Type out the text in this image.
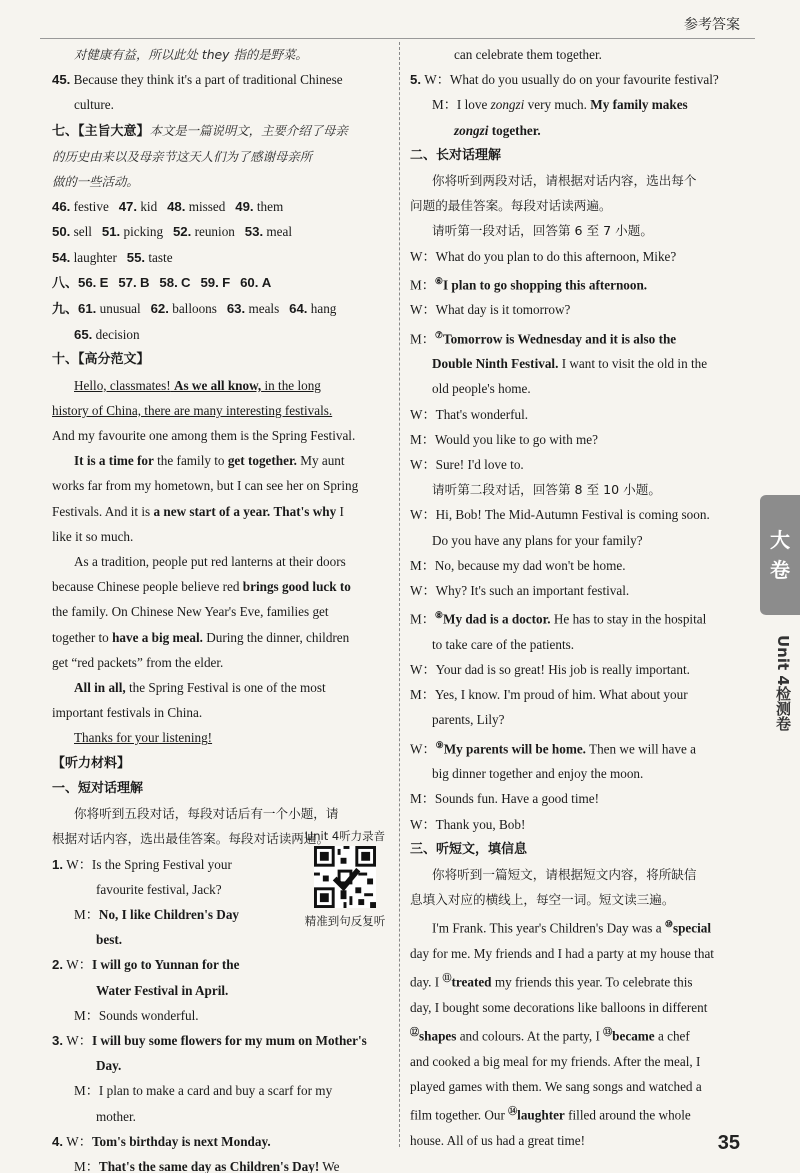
参考答案
对健康有益，所以此处 they 指的是野菜。
45. Because they think it's a part of traditional Chinese
culture.
七、【主旨大意】本文是一篇说明文，主要介绍了母亲
的历史由来以及母亲节这天人们为了感谢母亲所
做的一些活动。
46. festive 47. kid 48. missed 49. them
50. sell 51. picking 52. reunion 53. meal
54. laughter 55. taste
八、56. E 57. B 58. C 59. F 60. A
九、61. unusual 62. balloons 63. meals 64. hang
65. decision
十、【高分范文】
Hello, classmates! As we all know, in the long
history of China, there are many interesting festivals.
And my favourite one among them is the Spring Festival.
It is a time for the family to get together. My aunt
works far from my hometown, but I can see her on Spring
Festivals. And it is a new start of a year. That's why I
like it so much.
As a tradition, people put red lanterns at their doors
because Chinese people believe red brings good luck to
the family. On Chinese New Year's Eve, families get
together to have a big meal. During the dinner, children
get “red packets” from the elder.
All in all, the Spring Festival is one of the most
important festivals in China.
Thanks for your listening!
【听力材料】
一、短对话理解
你将听到五段对话，每段对话后有一个小题，请
根据对话内容，选出最佳答案。每段对话读两遍。
1. W：Is the Spring Festival your
favourite festival, Jack?
M：No, I like Children's Day
best.
2. W：I will go to Yunnan for the
Water Festival in April.
M：Sounds wonderful.
3. W：I will buy some flowers for my mum on Mother's
Day.
M：I plan to make a card and buy a scarf for my
mother.
4. W：Tom's birthday is next Monday.
M：That's the same day as Children's Day! We
Unit 4听力录音
精准到句反复听
can celebrate them together.
5. W：What do you usually do on your favourite festival?
M：I love zongzi very much. My family makes
zongzi together.
二、长对话理解
你将听到两段对话，请根据对话内容，选出每个
问题的最佳答案。每段对话读两遍。
请听第一段对话，回答第 6 至 7 小题。
W：What do you plan to do this afternoon, Mike?
M：⑥I plan to go shopping this afternoon.
W：What day is it tomorrow?
M：⑦Tomorrow is Wednesday and it is also the
Double Ninth Festival. I want to visit the old in the
old people's home.
W：That's wonderful.
M：Would you like to go with me?
W：Sure! I'd love to.
请听第二段对话，回答第 8 至 10 小题。
W：Hi, Bob! The Mid-Autumn Festival is coming soon.
Do you have any plans for your family?
M：No, because my dad won't be home.
W：Why? It's such an important festival.
M：⑧My dad is a doctor. He has to stay in the hospital
to take care of the patients.
W：Your dad is so great! His job is really important.
M：Yes, I know. I'm proud of him. What about your
parents, Lily?
W：⑨My parents will be home. Then we will have a
big dinner together and enjoy the moon.
M：Sounds fun. Have a good time!
W：Thank you, Bob!
三、听短文，填信息
你将听到一篇短文，请根据短文内容，将所缺信
息填入对应的横线上，每空一词。短文读三遍。
I'm Frank. This year's Children's Day was a ⑩special
day for me. My friends and I had a party at my house that
day. I ⑪treated my friends this year. To celebrate this
day, I bought some decorations like balloons in different
⑫shapes and colours. At the party, I ⑬became a chef
and cooked a big meal for my friends. After the meal, I
played games with them. We sang songs and watched a
film together. Our ⑭laughter filled around the whole
house. All of us had a great time!
大
卷
Unit 4检测卷
35
